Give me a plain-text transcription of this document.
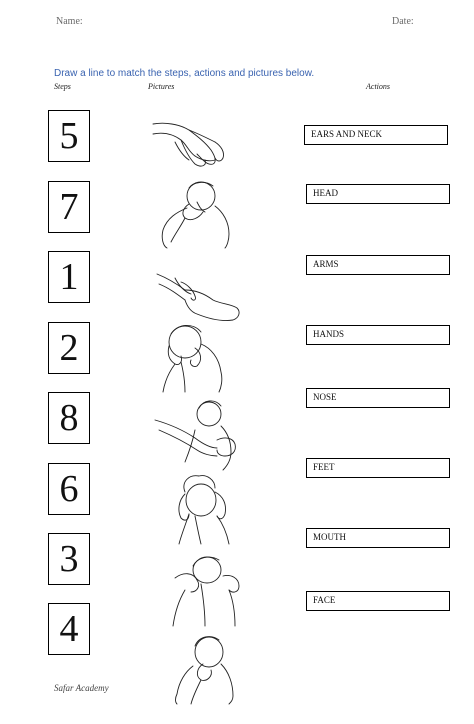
Name:	Date:
Draw a line to match the steps, actions and pictures below.
Steps	Pictures	Actions
5
7
1
2
8
6
3
4
EARS AND NECK
HEAD
ARMS
HANDS
NOSE
FEET
MOUTH
FACE
Safar Academy
